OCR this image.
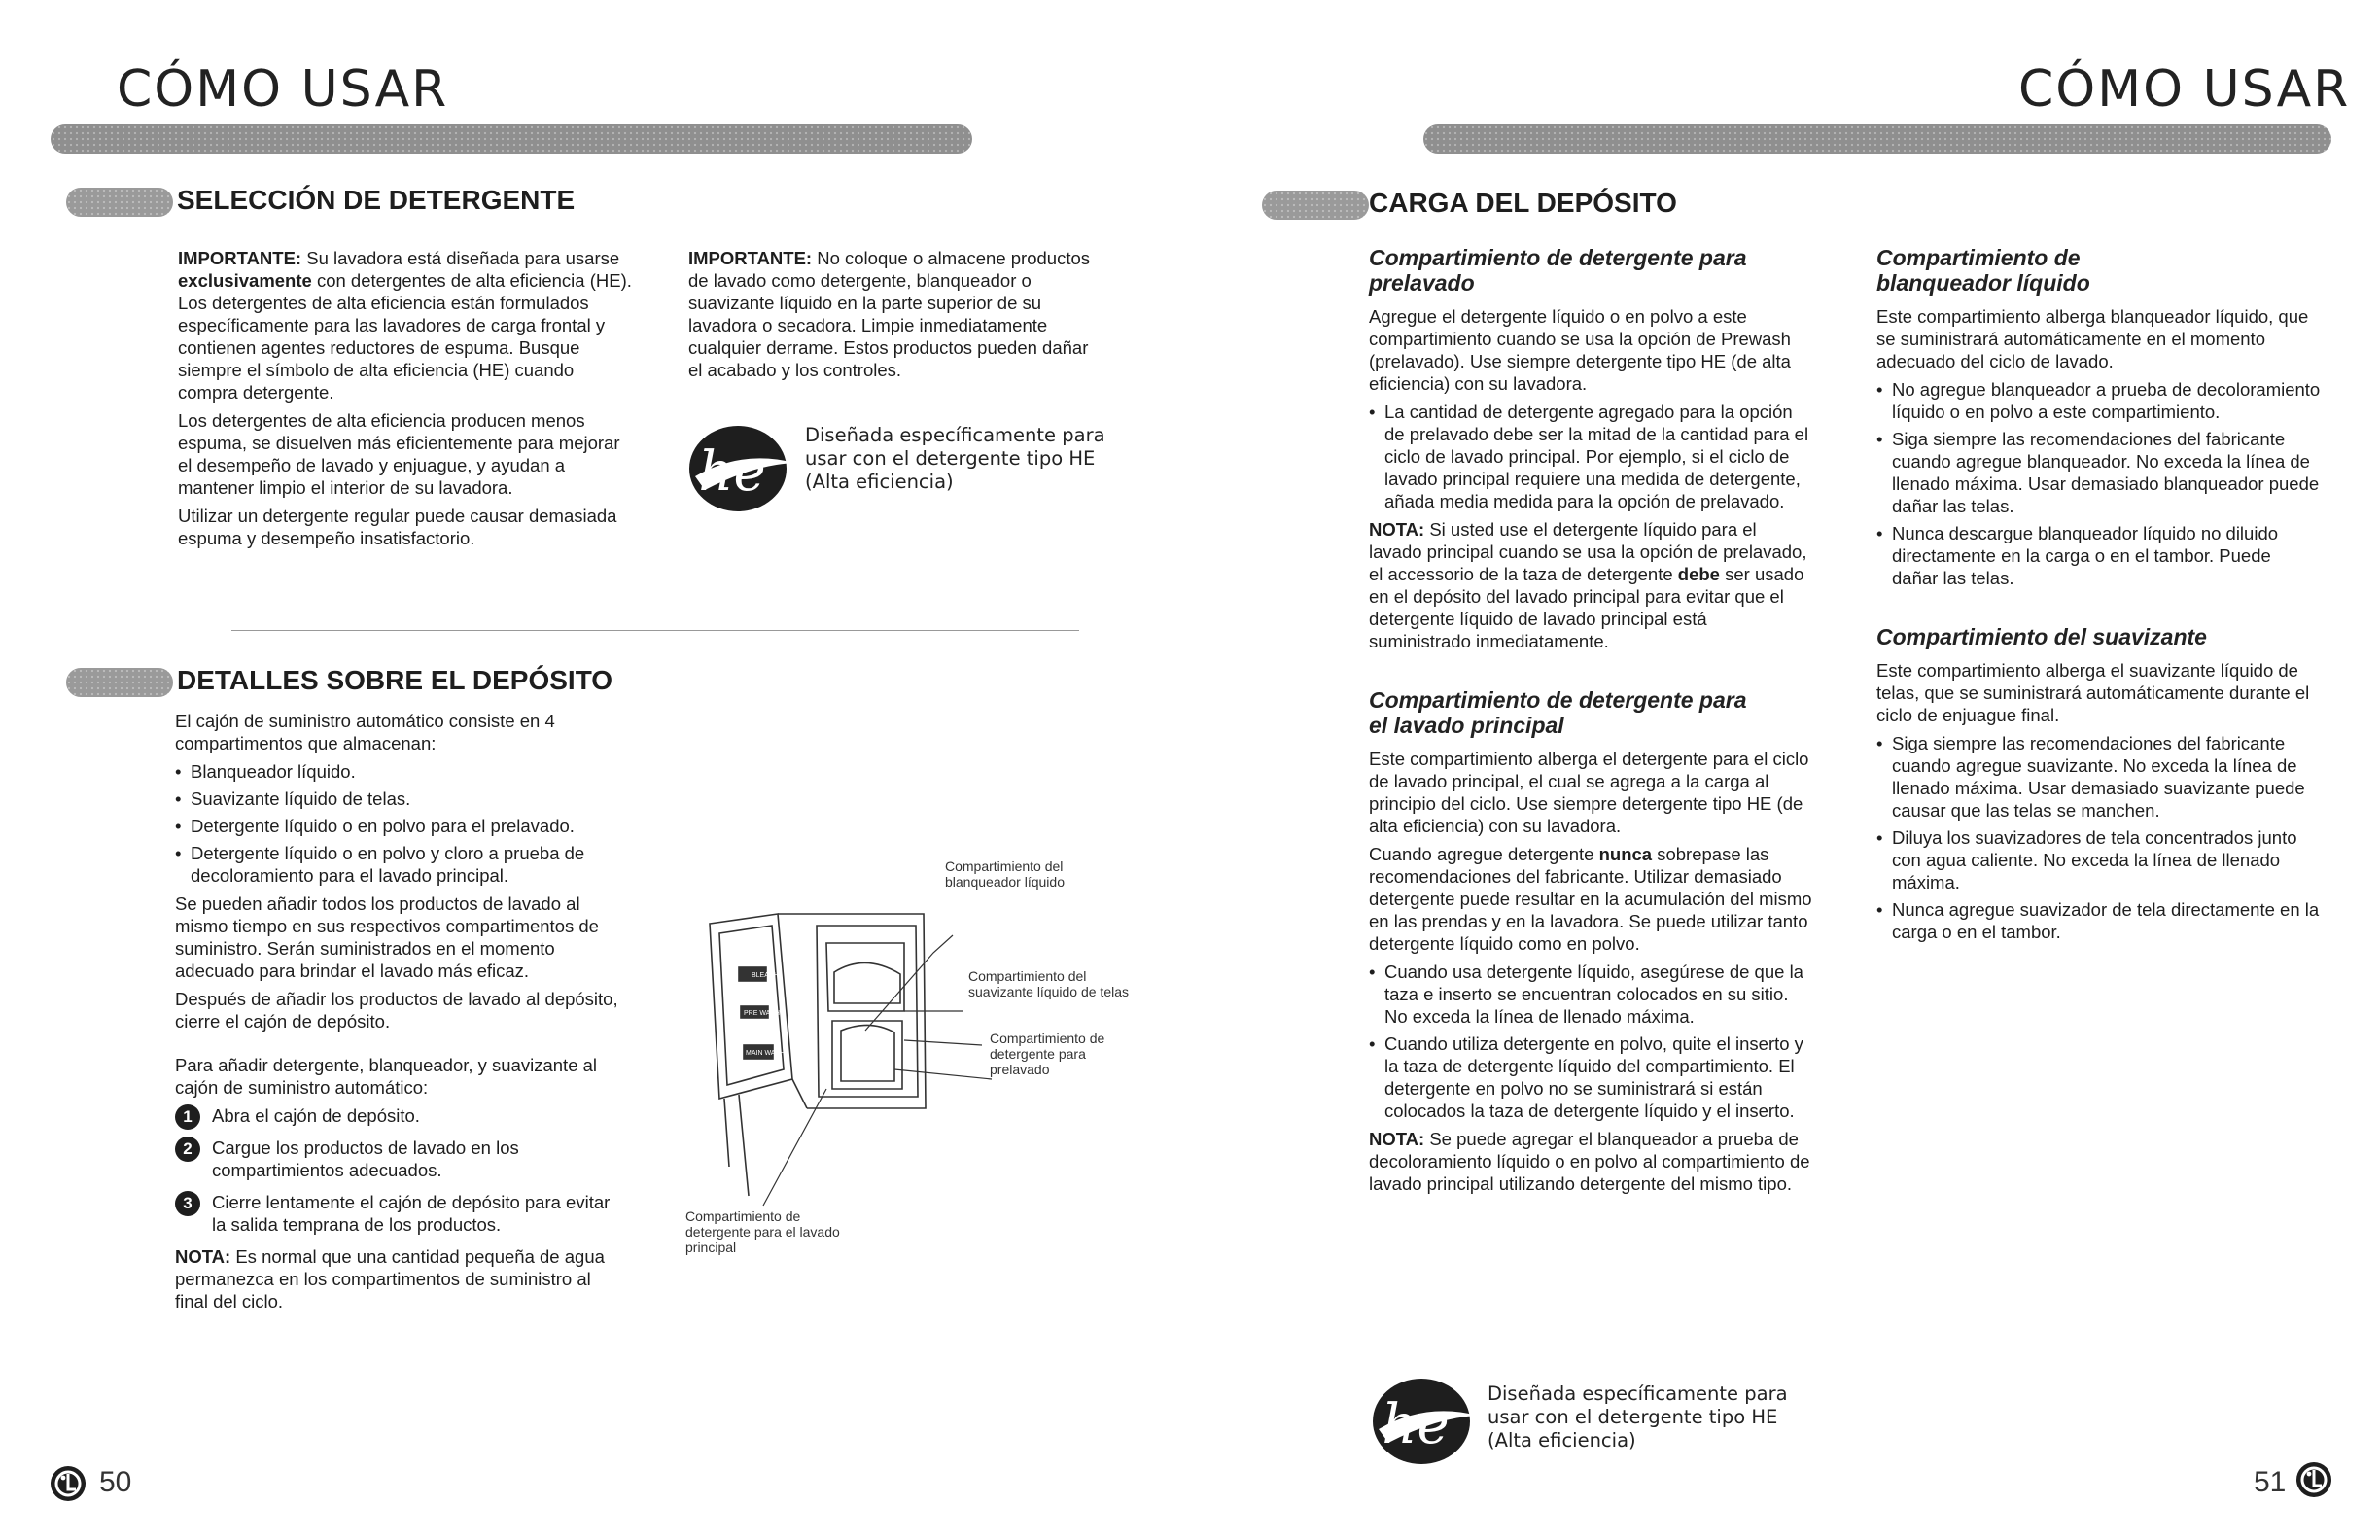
CÓMO USAR
SELECCIÓN DE DETERGENTE

IMPORTANTE: Su lavadora está diseñada para usarse exclusivamente con detergentes de alta eficiencia (HE). Los detergentes de alta eficiencia están formulados específicamente para las lavadores de carga frontal y contienen agentes reductores de espuma. Busque siempre el símbolo de alta eficiencia (HE) cuando compra detergente.

Los detergentes de alta eficiencia producen menos espuma, se disuelven más eficientemente para mejorar el desempeño de lavado y enjuague, y ayudan a mantener limpio el interior de su lavadora.

Utilizar un detergente regular puede causar demasiada espuma y desempeño insatisfactorio.

IMPORTANTE: No coloque o almacene productos de lavado como detergente, blanqueador o suavizante líquido en la parte superior de su lavadora o secadora. Limpie inmediatamente cualquier derrame. Estos productos pueden dañar el acabado y los controles.

he
Diseñada específicamente para usar con el detergente tipo HE (Alta eficiencia)
DETALLES SOBRE EL DEPÓSITO

El cajón de suministro automático consiste en 4 compartimentos que almacenan:

• Blanqueador líquido.
• Suavizante líquido de telas.
• Detergente líquido o en polvo para el prelavado.
• Detergente líquido o en polvo y cloro a prueba de decoloramiento para el lavado principal.

Se pueden añadir todos los productos de lavado al mismo tiempo en sus respectivos compartimentos de suministro. Serán suministrados en el momento adecuado para brindar el lavado más eficaz.

Después de añadir los productos de lavado al depósito, cierre el cajón de depósito.

Para añadir detergente, blanqueador, y suavizante al cajón de suministro automático:

1	Abra el cajón de depósito.
2	Cargue los productos de lavado en los compartimientos adecuados.
3	Cierre lentamente el cajón de depósito para evitar la salida temprana de los productos.

NOTA: Es normal que una cantidad pequeña de agua permanezca en los compartimentos de suministro al final del ciclo.

BLEACH
PRE WASH
MAIN WASH
Compartimiento del blanqueador líquido
Compartimiento del suavizante líquido de telas
Compartimiento de detergente para prelavado
Compartimiento de detergente para el lavado principal
50
CÓMO USAR
CARGA DEL DEPÓSITO
Compartimiento de detergente para prelavado

Agregue el detergente líquido o en polvo a este compartimiento cuando se usa la opción de Prewash (prelavado). Use siempre detergente tipo HE (de alta eficiencia) con su lavadora.

• La cantidad de detergente agregado para la opción de prelavado debe ser la mitad de la cantidad para el ciclo de lavado principal. Por ejemplo, si el ciclo de lavado principal requiere una medida de detergente, añada media medida para la opción de prelavado.

NOTA: Si usted use el detergente líquido para el lavado principal cuando se usa la opción de prelavado, el accessorio de la taza de detergente debe ser usado en el depósito del lavado principal para evitar que el detergente líquido de lavado principal está suministrado inmediatamente.

Compartimiento de detergente para el lavado principal

Este compartimiento alberga el detergente para el ciclo de lavado principal, el cual se agrega a la carga al principio del ciclo. Use siempre detergente tipo HE (de alta eficiencia) con su lavadora.

Cuando agregue detergente nunca sobrepase las recomendaciones del fabricante. Utilizar demasiado detergente puede resultar en la acumulación del mismo en las prendas y en la lavadora. Se puede utilizar tanto detergente líquido como en polvo.

• Cuando usa detergente líquido, asegúrese de que la taza e inserto se encuentran colocados en su sitio. No exceda la línea de llenado máxima.
• Cuando utiliza detergente en polvo, quite el inserto y la taza de detergente líquido del compartimiento. El detergente en polvo no se suministrará si están colocados la taza de detergente líquido y el inserto.

NOTA: Se puede agregar el blanqueador a prueba de decoloramiento líquido o en polvo al compartimiento de lavado principal utilizando detergente del mismo tipo.

Compartimiento de blanqueador líquido

Este compartimiento alberga blanqueador líquido, que se suministrará automáticamente en el momento adecuado del ciclo de lavado.

• No agregue blanqueador a prueba de decoloramiento líquido o en polvo a este compartimiento.
• Siga siempre las recomendaciones del fabricante cuando agregue blanqueador. No exceda la línea de llenado máxima. Usar demasiado blanqueador puede dañar las telas.
• Nunca descargue blanqueador líquido no diluido directamente en la carga o en el tambor. Puede dañar las telas.
Compartimiento del suavizante

Este compartimiento alberga el suavizante líquido de telas, que se suministrará automáticamente durante el ciclo de enjuague final.

• Siga siempre las recomendaciones del fabricante cuando agregue suavizante. No exceda la línea de llenado máxima. Usar demasiado suavizante puede causar que las telas se manchen.
• Diluya los suavizadores de tela concentrados junto con agua caliente. No exceda la línea de llenado máxima.
• Nunca agregue suavizador de tela directamente en la carga o en el tambor.
he Diseñada específicamente para usar con el detergente tipo HE (Alta eficiencia)
51
